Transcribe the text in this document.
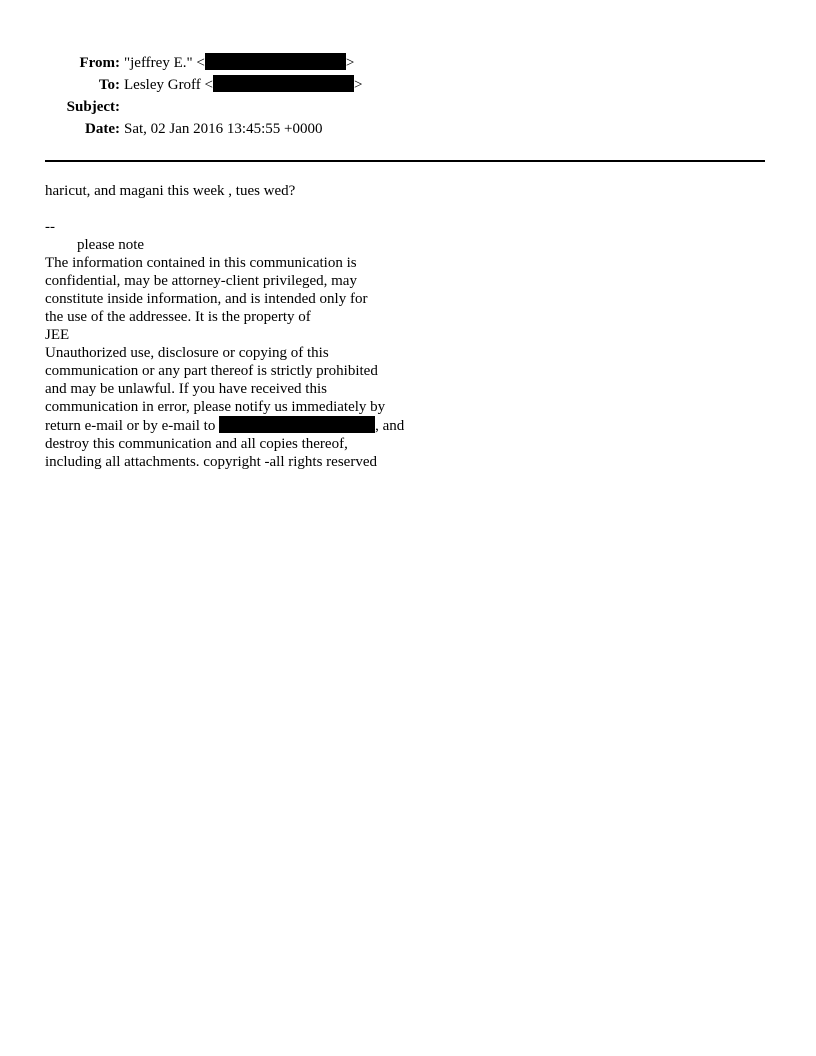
From: "jeffrey E." <	>
To: Lesley Groff <	>
Subject:
Date: Sat, 02 Jan 2016 13:45:55 +0000

haricut, and magani this week , tues wed?

--

please note

The information contained in this communication is

confidential, may be attorney-client privileged, may

constitute inside information, and is intended only for

the use of the addressee. It is the property of

JEE

Unauthorized use, disclosure or copying of this

communication or any part thereof is strictly prohibited

and may be unlawful. If you have received this

communication in error, please notify us immediately by

return e-mail or by e-mail to	, and

destroy this communication and all copies thereof,

including all attachments. copyright -all rights reserved
